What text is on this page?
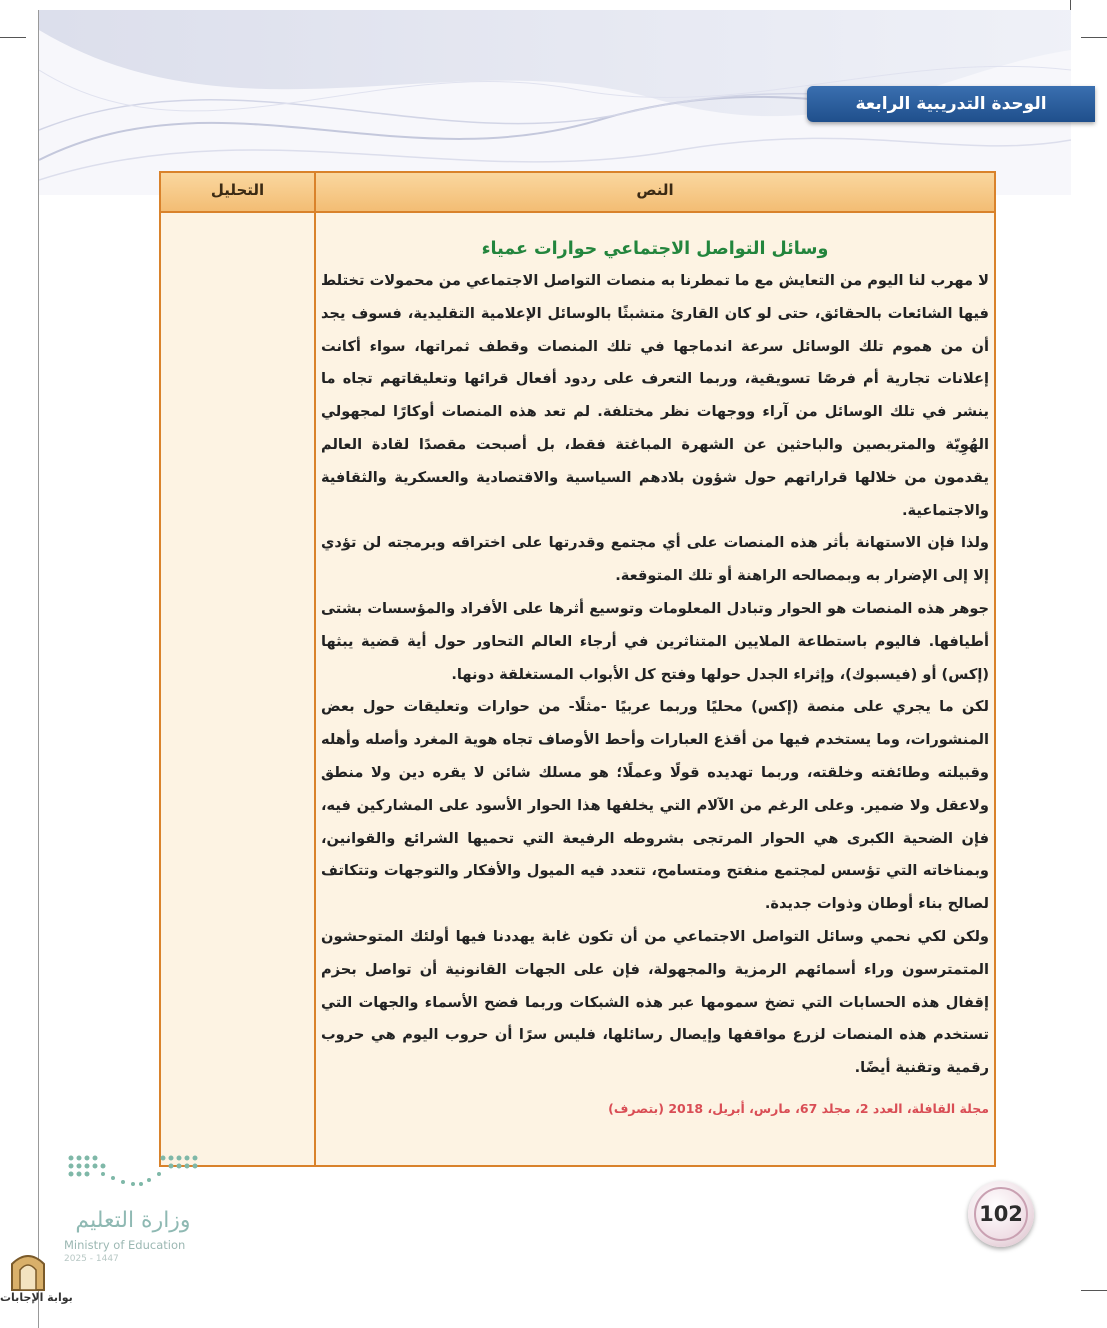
الوحدة التدريبية الرابعة
التحليل	النص
وسائل التواصل الاجتماعي حوارات عمياء

لا مهرب لنا اليوم من التعايش مع ما تمطرنا به منصات التواصل الاجتماعي من محمولات تختلط فيها الشائعات بالحقائق، حتى لو كان القارئ متشبثًا بالوسائل الإعلامية التقليدية، فسوف يجد أن من هموم تلك الوسائل سرعة اندماجها في تلك المنصات وقطف ثمراتها، سواء أكانت إعلانات تجارية أم فرصًا تسويقية، وربما التعرف على ردود أفعال قرائها وتعليقاتهم تجاه ما ينشر في تلك الوسائل من آراء ووجهات نظر مختلفة. لم تعد هذه المنصات أوكارًا لمجهولي الهُوِيّة والمتربصين والباحثين عن الشهرة المباغتة فقط، بل أصبحت مقصدًا لقادة العالم يقدمون من خلالها قراراتهم حول شؤون بلادهم السياسية والاقتصادية والعسكرية والثقافية والاجتماعية.

ولذا فإن الاستهانة بأثر هذه المنصات على أي مجتمع وقدرتها على اختراقه وبرمجته لن تؤدي إلا إلى الإضرار به وبمصالحه الراهنة أو تلك المتوقعة.

جوهر هذه المنصات هو الحوار وتبادل المعلومات وتوسيع أثرها على الأفراد والمؤسسات بشتى أطيافها. فاليوم باستطاعة الملايين المتناثرين في أرجاء العالم التحاور حول أية قضية يبثها (إكس) أو (فيسبوك)، وإثراء الجدل حولها وفتح كل الأبواب المستغلقة دونها.

لكن ما يجري على منصة (إكس) محليًا وربما عربيًا -مثلًا- من حوارات وتعليقات حول بعض المنشورات، وما يستخدم فيها من أقذع العبارات وأحط الأوصاف تجاه هوية المغرد وأصله وأهله وقبيلته وطائفته وخلقته، وربما تهديده قولًا وعملًا؛ هو مسلك شائن لا يقره دين ولا منطق ولاعقل ولا ضمير. وعلى الرغم من الآلام التي يخلفها هذا الحوار الأسود على المشاركين فيه، فإن الضحية الكبرى هي الحوار المرتجى بشروطه الرفيعة التي تحميها الشرائع والقوانين، وبمناخاته التي تؤسس لمجتمع منفتح ومتسامح، تتعدد فيه الميول والأفكار والتوجهات وتتكاتف لصالح بناء أوطان وذوات جديدة.

ولكن لكي نحمي وسائل التواصل الاجتماعي من أن تكون غابة يهددنا فيها أولئك المتوحشون المتمترسون وراء أسمائهم الرمزية والمجهولة، فإن على الجهات القانونية أن تواصل بحزم إقفال هذه الحسابات التي تضخ سمومها عبر هذه الشبكات وربما فضح الأسماء والجهات التي تستخدم هذه المنصات لزرع مواقفها وإيصال رسائلها، فليس سرًا أن حروب اليوم هي حروب رقمية وتقنية أيضًا.

مجلة القافلة، العدد 2، مجلد 67، مارس، أبريل، 2018 (بتصرف)
102
وزارة التعليم
Ministry of Education
2025 - 1447
بوابة الإجابات
